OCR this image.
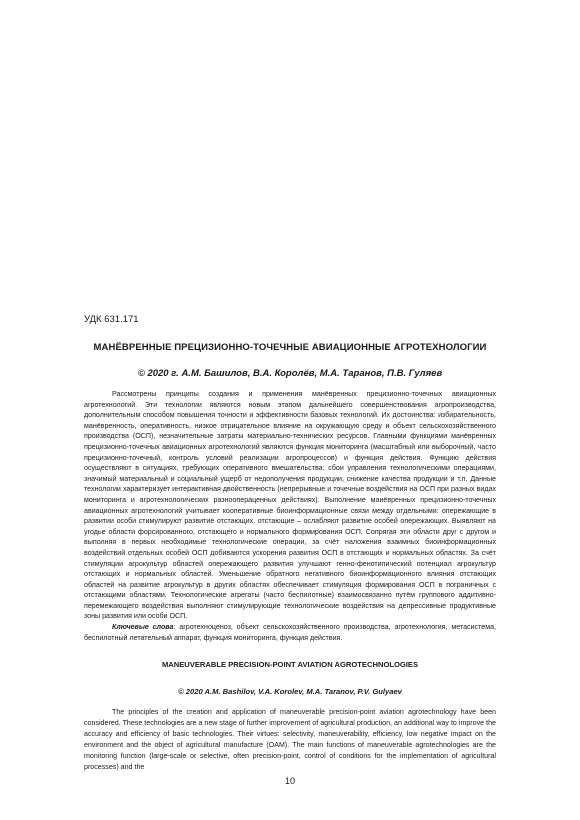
УДК 631.171
МАНЁВРЕННЫЕ ПРЕЦИЗИОННО-ТОЧЕЧНЫЕ АВИАЦИОННЫЕ АГРОТЕХНОЛОГИИ
© 2020 г. А.М. Башилов, В.А. Королёв, М.А. Таранов, П.В. Гуляев

Рассмотрены принципы создания и применения манёвренных прецизионно-точечных авиационных агротехнологий. Эти технологии являются новым этапом дальнейшего совершенствования агропроизводства, дополнительным способом повышения точности и эффективности базовых технологий. Их достоинства: избирательность, манёвренность, оперативность, низкое отрицательное влияние на окружающую среду и объект сельскохозяйственного производства (ОСП), незначительные затраты материально-технических ресурсов. Главными функциями манёвренных прецизионно-точечных авиационных агротехнологий являются функция мониторинга (масштабный или выборочный, часто прецизионно-точечный, контроль условий реализации агропроцессов) и функция действия. Функцию действия осуществляют в ситуациях, требующих оперативного вмешательства: сбои управления технологическими операциями, значимый материальный и социальный ущерб от недополучения продукции, снижение качества продукции и т.п. Данные технологии характеризует интерактивная двойственность (непрерывные и точечные воздействия на ОСП при разных видах мониторинга и агротехнологических разноопераценных действиях). Выполнение манёвренных прецизионно-точечных авиационных агротехнологий учитывает кооперативные биоинформационные связи между отдельными: опережающие в развитии особи стимулируют развитие отстающих, отстающие – ослабляют развитие особей опережающих. Выявляют на угодье области форсированного, отстающего и нормального формирования ОСП. Сопрягая эти области друг с другом и выполняя в первых необходимые технологические операции, за счёт наложения взаимных биоинформационных воздействий отдельных особей ОСП добиваются ускорения развития ОСП в отстающих и нормальных областях. За счёт стимуляции агрокультур областей опережающего развития улучшают генно-фенотипический потенциал агрокультур отстающих и нормальных областей. Уменьшение обратного негативного биоинформационного влияния отстающих областей на развитие агрокультур в других областях обеспечивает стимуляция формирования ОСП в пограничных с отстающими областями. Технологические агрегаты (часто беспилотные) взаимосвязанно путём группового аддитивно-перемежающего воздействия выполняют стимулирующие технологические воздействия на депрессивные продуктивные зоны развития или особи ОСП.

Ключевые слова: агротехноценоз, объект сельскохозяйственного производства, агротехнология, метасистема, беспилотный летательный аппарат, функция мониторинга, функция действия.

MANEUVERABLE PRECISION-POINT AVIATION AGROTECHNOLOGIES
© 2020 A.M. Bashilov, V.A. Korolev, M.A. Taranov, P.V. Gulyaev

The principles of the creation and application of maneuverable precision-point aviation agrotechnology have been considered. These technologies are a new stage of further improvement of agricultural production, an additional way to improve the accuracy and efficiency of basic technologies. Their virtues: selectivity, maneuverability, efficiency, low negative impact on the environment and the object of agricultural manufacture (OAM). The main functions of maneuverable agrotechnologies are the monitoring function (large-scale or selective, often precision-point, control of conditions for the implementation of agricultural processes) and the

10
